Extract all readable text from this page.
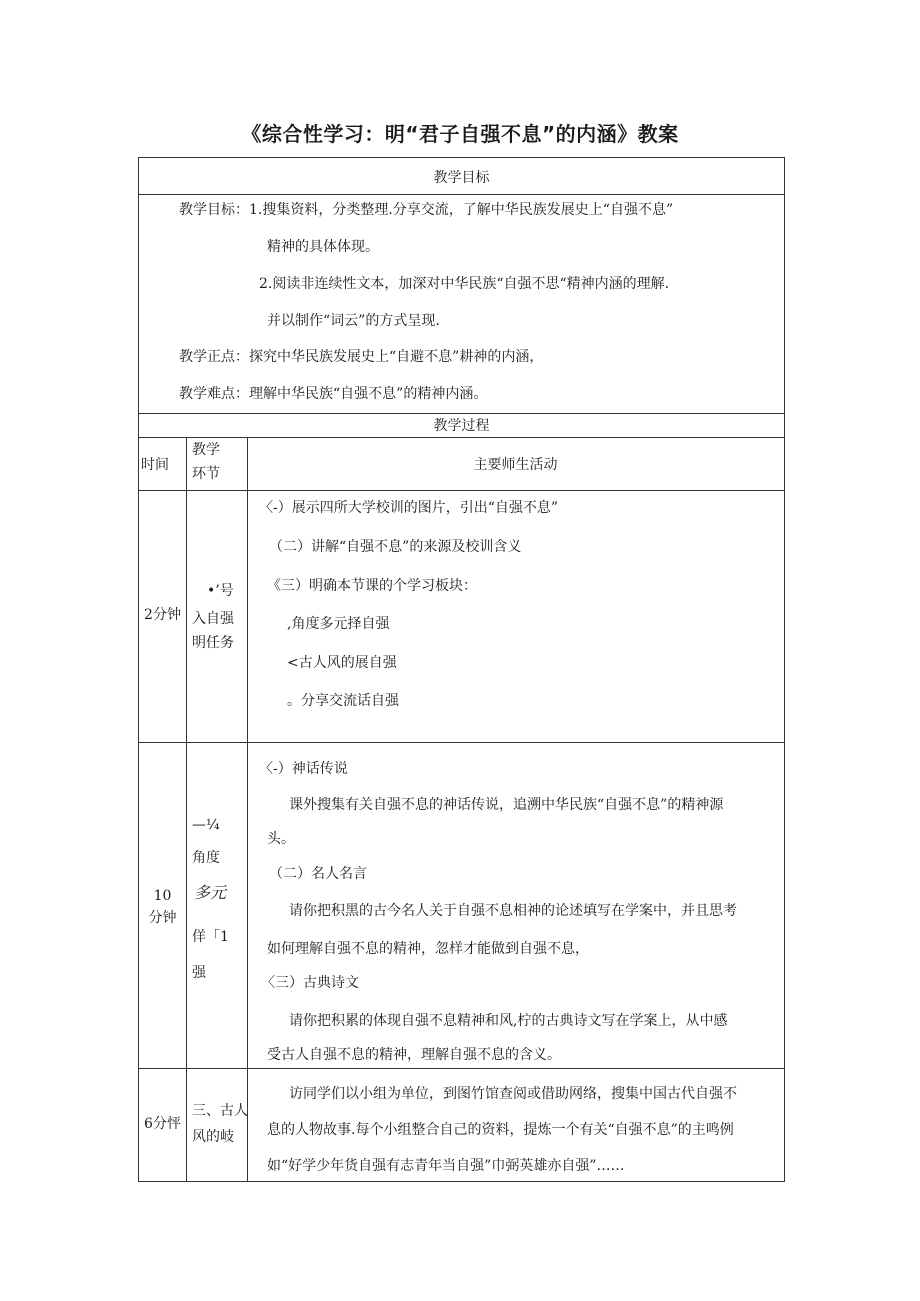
《综合性学习：明“君子自强不息”的内涵》教案
教学目标
教学目标：1.搜集资料，分类整理.分享交流，了解中华民族发展史上“自强不息”
精神的具体体现。
2.阅读非连续性文本，加深对中华民族“自强不思“精神内涵的理解.
并以制作“词云”的方式呈现.
教学正点：探究中华民族发展史上“自避不息”耕神的内涵，
教学难点：理解中华民族“自强不息”的精神内涵。
教学过程
时间
教学
环节
主要师生活动
2分钟
•’号
入自强
明任务
〈-）展示四所大学校训的图片，引出“自强不息”
（二）讲解“自强不息”的来源及校训含义
《三）明确本节课的个学习板块：
,角度多元择自强
<古人风的展自强
。分享交流话自强
10
分钟
—¼
角度
多元
佯「1
强
〈-）神话传说
课外搜集有关自强不息的神话传说，追溯中华民族“自强不息”的精神源
头。
（二）名人名言
请你把积黑的古今名人关于自强不息相神的论述填写在学案中，并且思考
如何理解自强不息的精神，忽样才能做到自强不息，
〈三）古典诗文
请你把积累的体现自强不息精神和风,柠的古典诗文写在学案上，从中感
受古人自强不息的精神，理解自强不息的含义。
6分怦
三、古人
风的岐
访同学们以小组为单位，到图竹馆查阅或借助网络，搜集中国古代自强不
息的人物故事.每个小组整合自己的资料，提炼一个有关“自强不息”的主鸣例
如“好学少年货自强有志青年当自强”巾弼英雄亦自强”……
